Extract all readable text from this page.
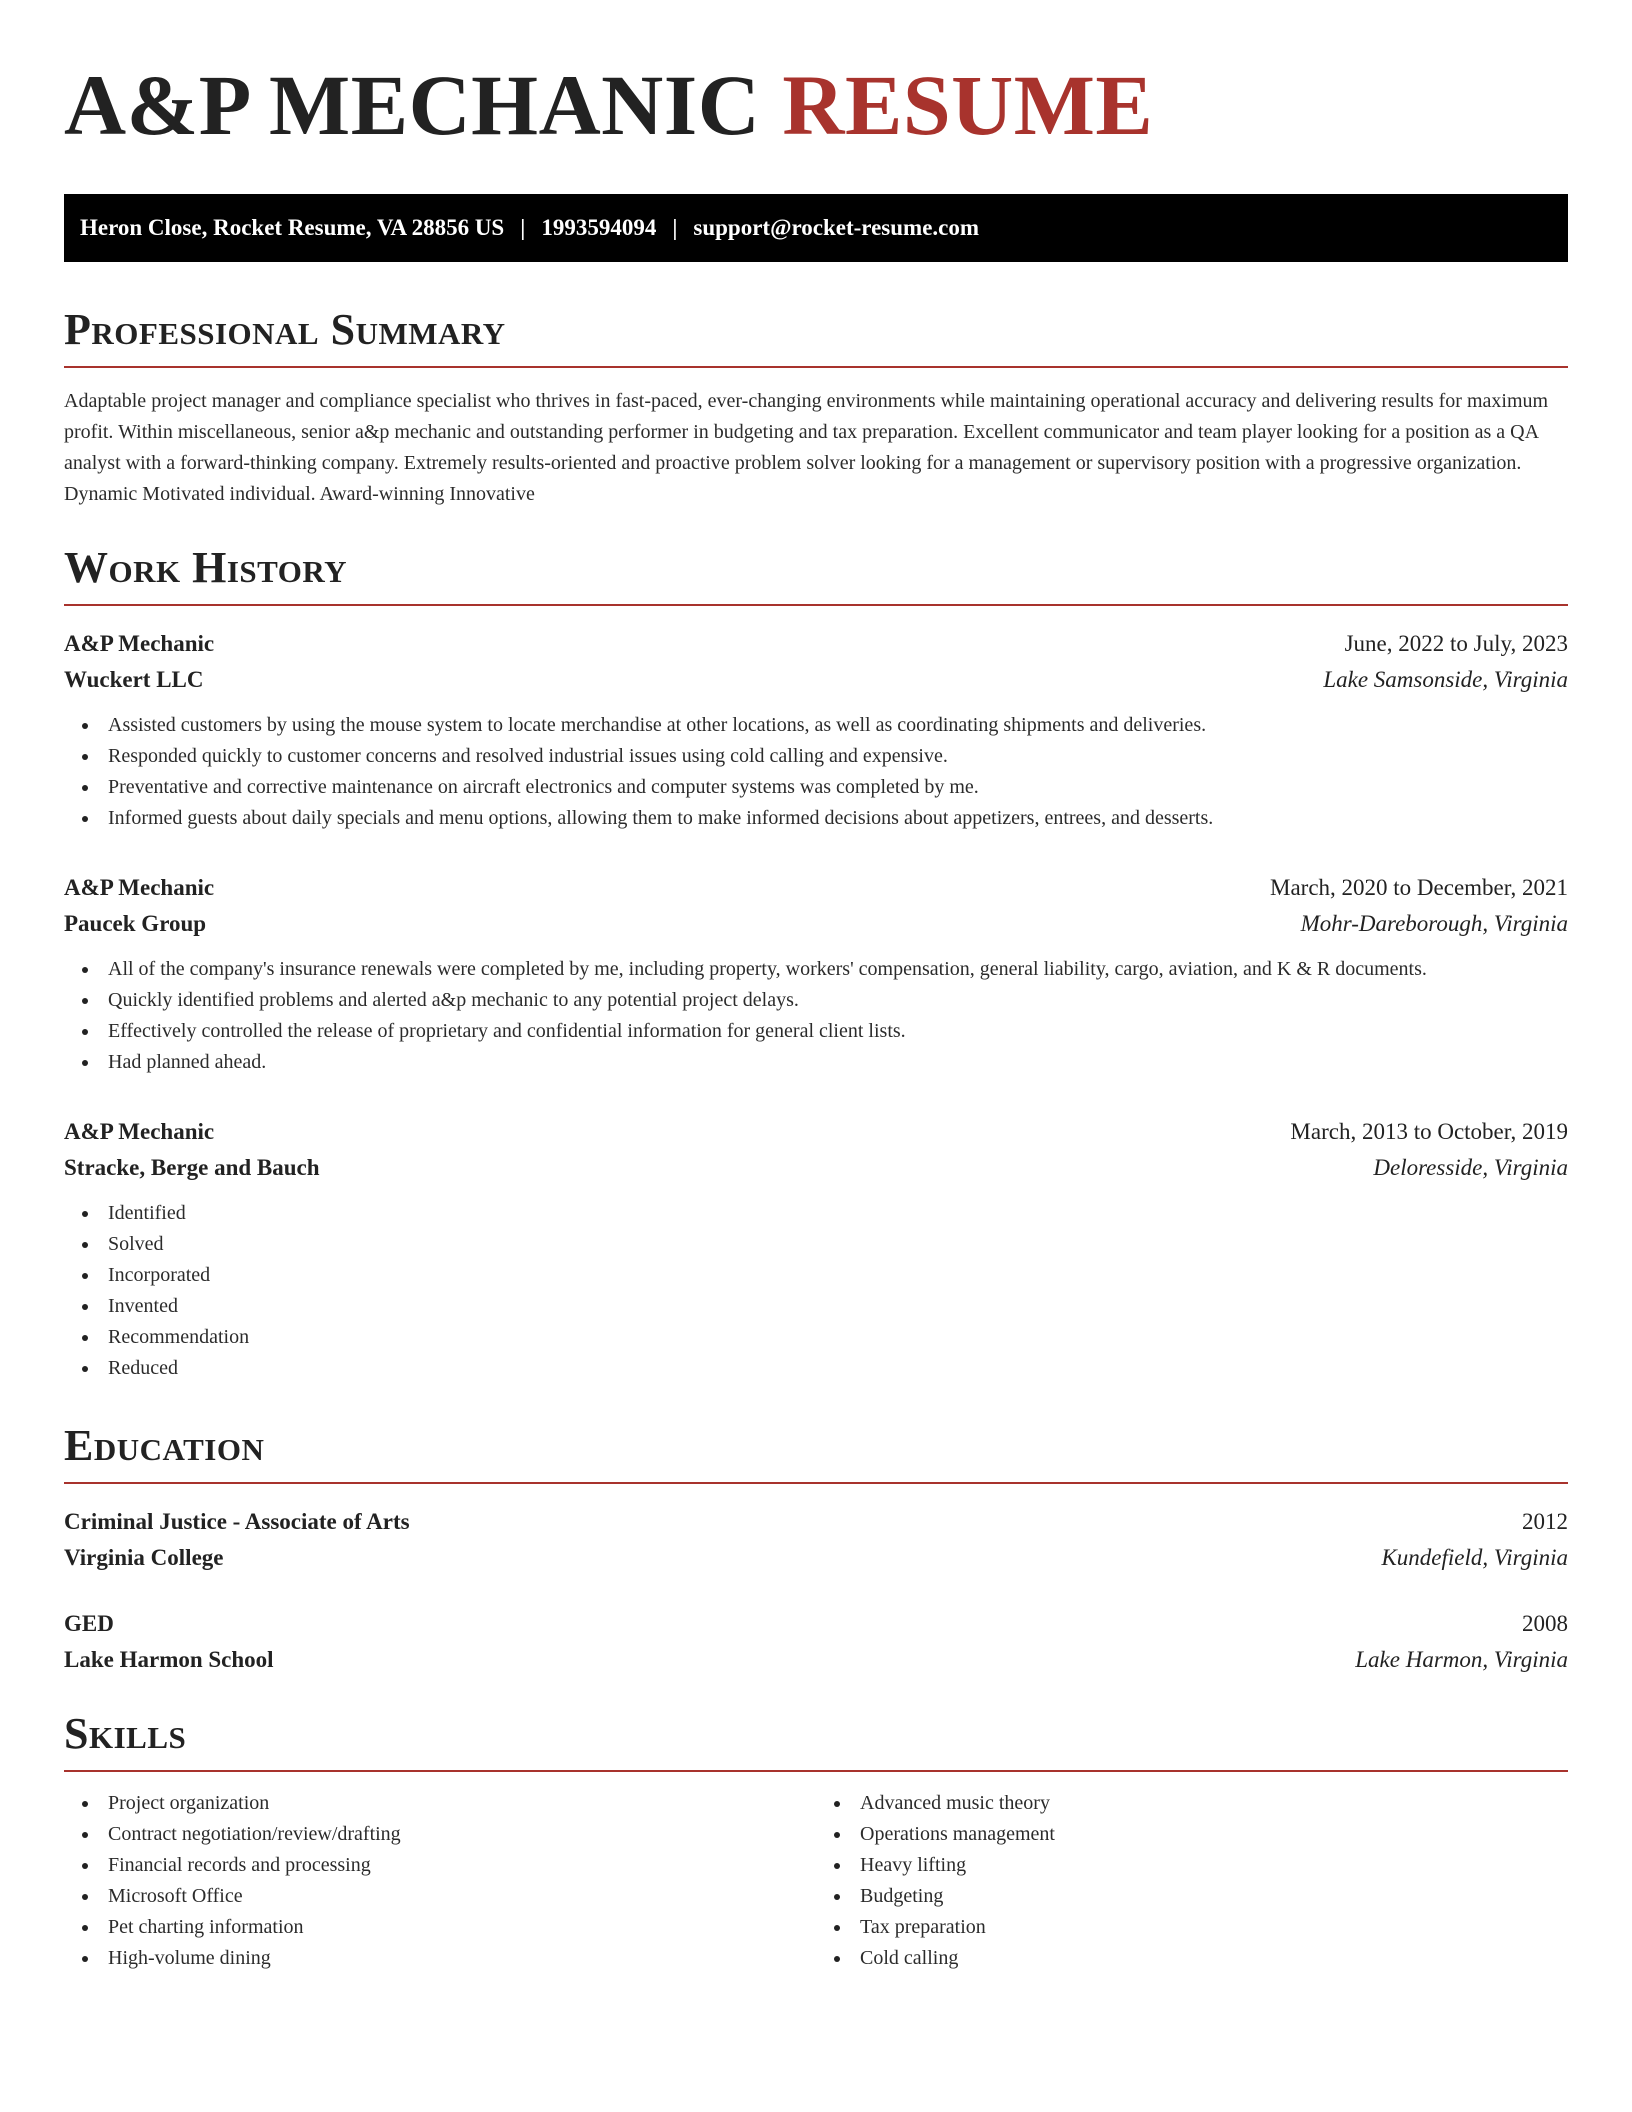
A&P MECHANIC RESUME
Heron Close, Rocket Resume, VA 28856 US | 1993594094 | support@rocket-resume.com
Professional Summary

Adaptable project manager and compliance specialist who thrives in fast-paced, ever-changing environments while maintaining operational accuracy and delivering results for maximum profit. Within miscellaneous, senior a&p mechanic and outstanding performer in budgeting and tax preparation. Excellent communicator and team player looking for a position as a QA analyst with a forward-thinking company. Extremely results-oriented and proactive problem solver looking for a management or supervisory position with a progressive organization. Dynamic Motivated individual. Award-winning Innovative

Work History
A&P Mechanic	June, 2022 to July, 2023
Wuckert LLC	Lake Samsonside, Virginia
Assisted customers by using the mouse system to locate merchandise at other locations, as well as coordinating shipments and deliveries.
Responded quickly to customer concerns and resolved industrial issues using cold calling and expensive.
Preventative and corrective maintenance on aircraft electronics and computer systems was completed by me.
Informed guests about daily specials and menu options, allowing them to make informed decisions about appetizers, entrees, and desserts.
A&P Mechanic	March, 2020 to December, 2021
Paucek Group	Mohr-Dareborough, Virginia
All of the company's insurance renewals were completed by me, including property, workers' compensation, general liability, cargo, aviation, and K & R documents.
Quickly identified problems and alerted a&p mechanic to any potential project delays.
Effectively controlled the release of proprietary and confidential information for general client lists.
Had planned ahead.
A&P Mechanic	March, 2013 to October, 2019
Stracke, Berge and Bauch	Deloresside, Virginia
Identified
Solved
Incorporated
Invented
Recommendation
Reduced
Education
Criminal Justice - Associate of Arts	2012
Virginia College	Kundefield, Virginia
GED	2008
Lake Harmon School	Lake Harmon, Virginia
Skills
Project organization
Contract negotiation/review/drafting
Financial records and processing
Microsoft Office
Pet charting information
High-volume dining
Advanced music theory
Operations management
Heavy lifting
Budgeting
Tax preparation
Cold calling
